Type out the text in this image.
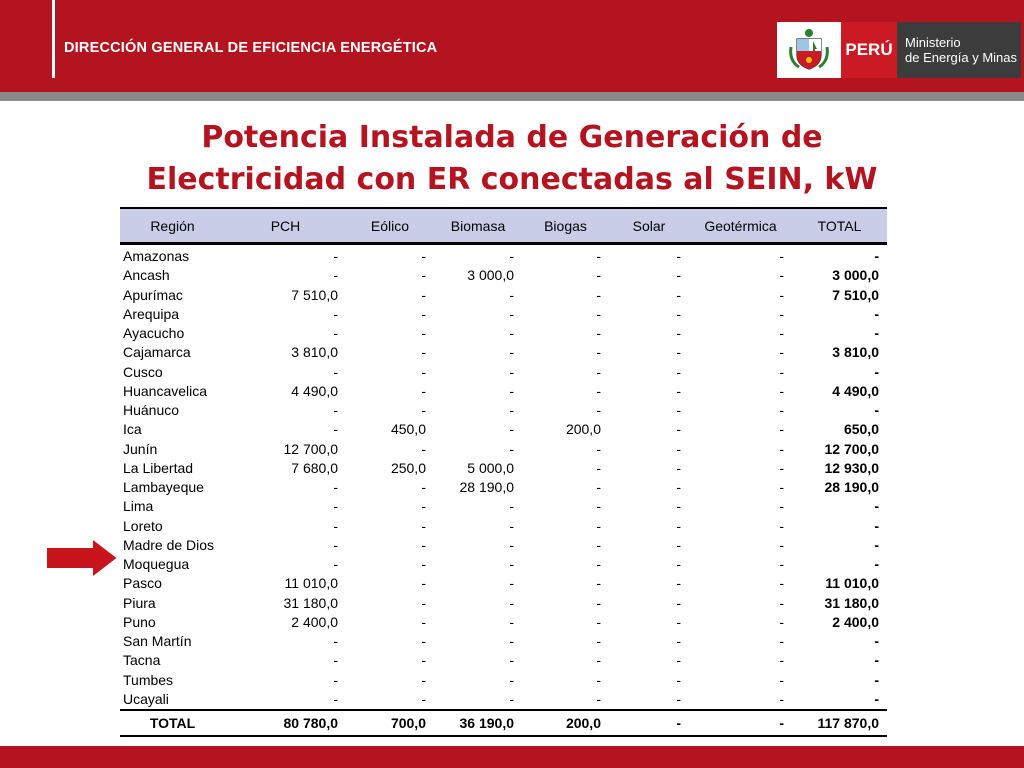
DIRECCIÓN GENERAL DE EFICIENCIA ENERGÉTICA	PERÚ Ministerio
de Energía y Minas
Potencia Instalada de Generación de
Electricidad con ER conectadas al SEIN, kW
Región	PCH	Eólico	Biomasa	Biogas	Solar	Geotérmica	TOTAL
Amazonas	-	-	-	-	-	-	-
Ancash	-	-	3 000,0	-	-	-	3 000,0
Apurímac	7 510,0	-	-	-	-	-	7 510,0
Arequipa	-	-	-	-	-	-	-
Ayacucho	-	-	-	-	-	-	-
Cajamarca	3 810,0	-	-	-	-	-	3 810,0
Cusco	-	-	-	-	-	-	-
Huancavelica	4 490,0	-	-	-	-	-	4 490,0
Huánuco	-	-	-	-	-	-	-
Ica	-	450,0	-	200,0	-	-	650,0
Junín	12 700,0	-	-	-	-	-	12 700,0
La Libertad	7 680,0	250,0	5 000,0	-	-	-	12 930,0
Lambayeque	-	-	28 190,0	-	-	-	28 190,0
Lima	-	-	-	-	-	-	-
Loreto	-	-	-	-	-	-	-
Madre de Dios	-	-	-	-	-	-	-
Moquegua	-	-	-	-	-	-	-
Pasco	11 010,0	-	-	-	-	-	11 010,0
Piura	31 180,0	-	-	-	-	-	31 180,0
Puno	2 400,0	-	-	-	-	-	2 400,0
San Martín	-	-	-	-	-	-	-
Tacna	-	-	-	-	-	-	-
Tumbes	-	-	-	-	-	-	-
Ucayali	-	-	-	-	-	-	-
TOTAL	80 780,0	700,0	36 190,0	200,0	-	-	117 870,0
